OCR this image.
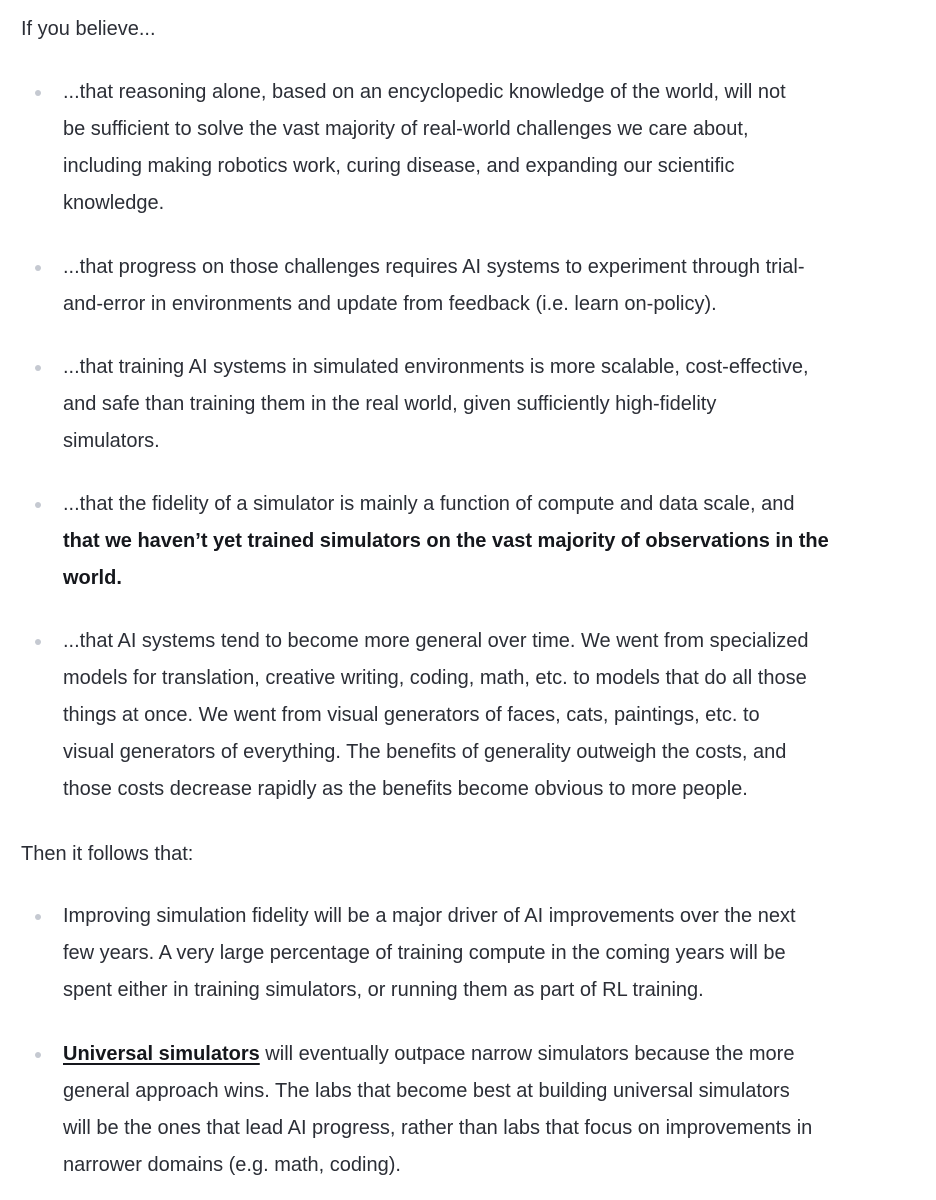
If you believe...

...that reasoning alone, based on an encyclopedic knowledge of the world, will not
be sufficient to solve the vast majority of real-world challenges we care about,
including making robotics work, curing disease, and expanding our scientific
knowledge.
...that progress on those challenges requires AI systems to experiment through trial-
and-error in environments and update from feedback (i.e. learn on-policy).
...that training AI systems in simulated environments is more scalable, cost-effective,
and safe than training them in the real world, given sufficiently high-fidelity
simulators.
...that the fidelity of a simulator is mainly a function of compute and data scale, and
that we haven’t yet trained simulators on the vast majority of observations in the
world.
...that AI systems tend to become more general over time. We went from specialized
models for translation, creative writing, coding, math, etc. to models that do all those
things at once. We went from visual generators of faces, cats, paintings, etc. to
visual generators of everything. The benefits of generality outweigh the costs, and
those costs decrease rapidly as the benefits become obvious to more people.

Then it follows that:

Improving simulation fidelity will be a major driver of AI improvements over the next
few years. A very large percentage of training compute in the coming years will be
spent either in training simulators, or running them as part of RL training.
Universal simulators will eventually outpace narrow simulators because the more
general approach wins. The labs that become best at building universal simulators
will be the ones that lead AI progress, rather than labs that focus on improvements in
narrower domains (e.g. math, coding).
